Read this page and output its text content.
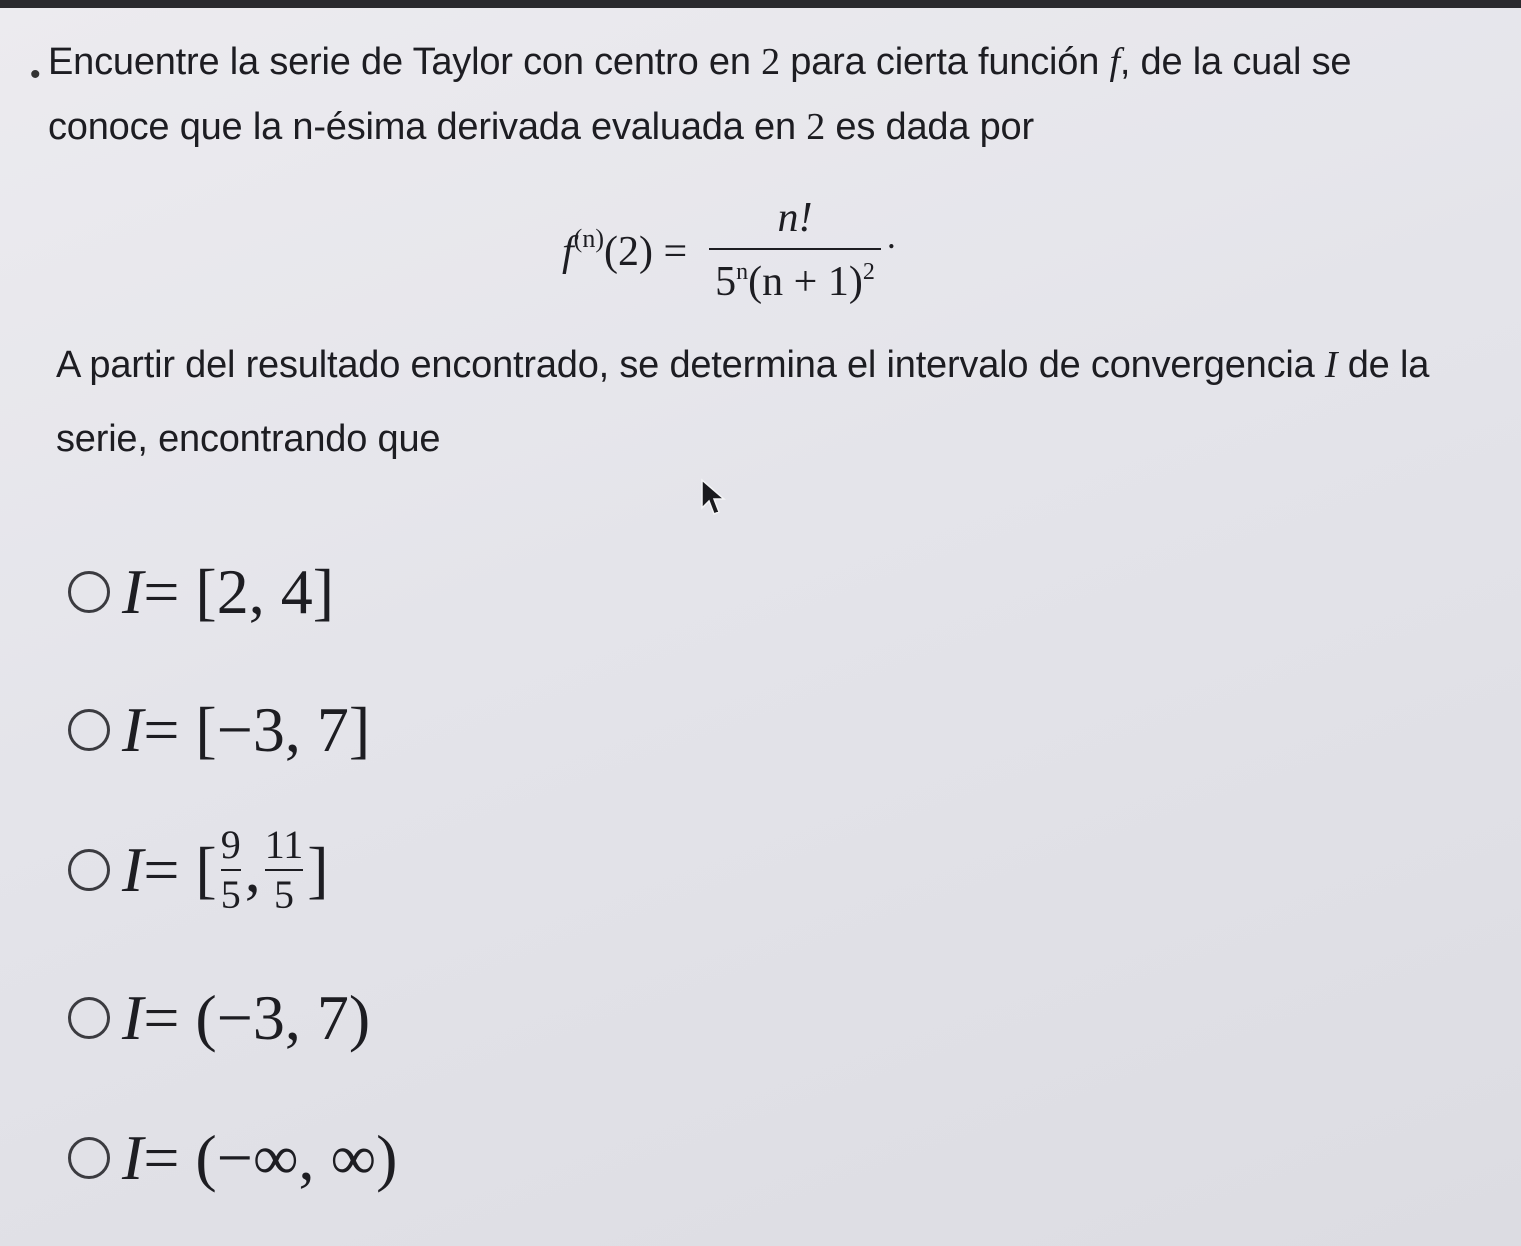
• Encuentre la serie de Taylor con centro en 2 para cierta función f, de la cual se
conoce que la n-ésima derivada evaluada en 2 es dada por
$f^{(n)}(2) = \frac{n!}{5^n(n + 1)^2}$ .
A partir del resultado encontrado, se determina el intervalo de convergencia I de la
serie, encontrando que
I = [2, 4]
I = [−3, 7]
I = [ $\frac{9}{5}$ , $\frac{11}{5}$ ]
I = (−3, 7)
I = (−∞, ∞)
